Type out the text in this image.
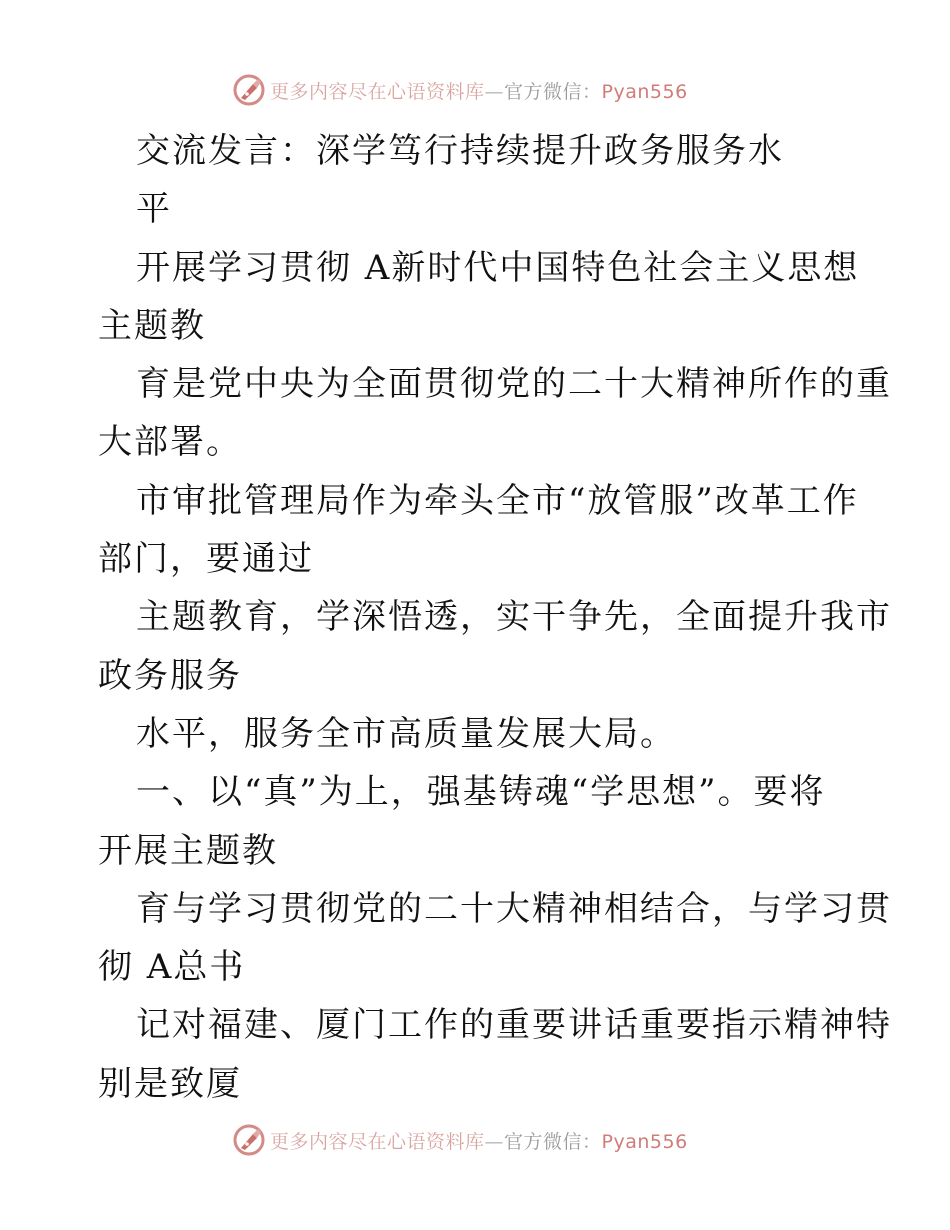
更多内容尽在心语资料库—官方微信：Pyan556
交流发言：深学笃行持续提升政务服务水
平
开展学习贯彻 A新时代中国特色社会主义思想
主题教
育是党中央为全面贯彻党的二十大精神所作的重
大部署。
市审批管理局作为牵头全市“放管服”改革工作
部门，要通过
主题教育，学深悟透，实干争先，全面提升我市
政务服务
水平，服务全市高质量发展大局。
一、以“真”为上，强基铸魂“学思想”。要将
开展主题教
育与学习贯彻党的二十大精神相结合，与学习贯
彻 A总书
记对福建、厦门工作的重要讲话重要指示精神特
别是致厦
更多内容尽在心语资料库—官方微信：Pyan556
